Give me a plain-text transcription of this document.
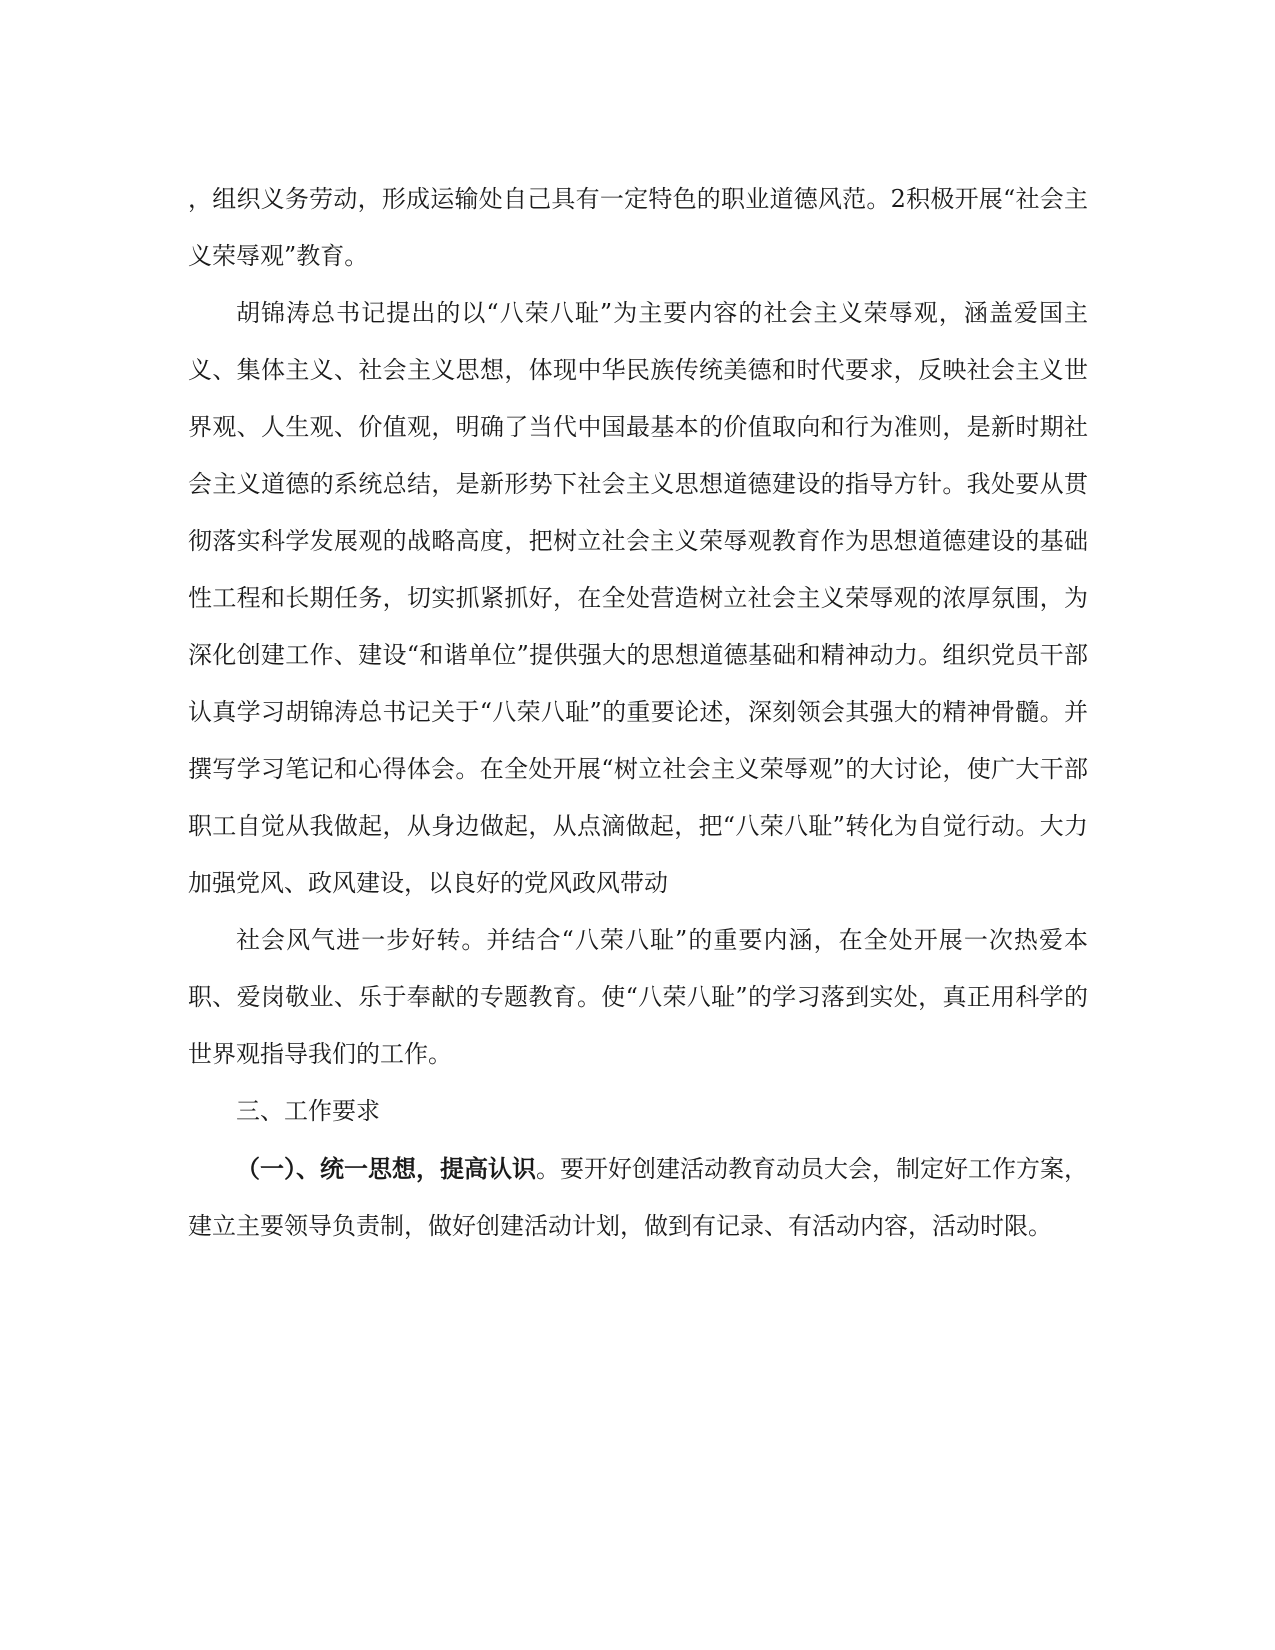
，组织义务劳动，形成运输处自己具有一定特色的职业道德风范。2积极开展“社会主义荣辱观”教育。

胡锦涛总书记提出的以“八荣八耻”为主要内容的社会主义荣辱观，涵盖爱国主义、集体主义、社会主义思想，体现中华民族传统美德和时代要求，反映社会主义世界观、人生观、价值观，明确了当代中国最基本的价值取向和行为准则，是新时期社会主义道德的系统总结，是新形势下社会主义思想道德建设的指导方针。我处要从贯彻落实科学发展观的战略高度，把树立社会主义荣辱观教育作为思想道德建设的基础性工程和长期任务，切实抓紧抓好，在全处营造树立社会主义荣辱观的浓厚氛围，为深化创建工作、建设“和谐单位”提供强大的思想道德基础和精神动力。组织党员干部认真学习胡锦涛总书记关于“八荣八耻”的重要论述，深刻领会其强大的精神骨髓。并撰写学习笔记和心得体会。在全处开展“树立社会主义荣辱观”的大讨论，使广大干部职工自觉从我做起，从身边做起，从点滴做起，把“八荣八耻”转化为自觉行动。大力加强党风、政风建设，以良好的党风政风带动

社会风气进一步好转。并结合“八荣八耻”的重要内涵，在全处开展一次热爱本职、爱岗敬业、乐于奉献的专题教育。使“八荣八耻”的学习落到实处，真正用科学的世界观指导我们的工作。

三、工作要求

（一）、统一思想，提高认识。要开好创建活动教育动员大会，制定好工作方案，建立主要领导负责制，做好创建活动计划，做到有记录、有活动内容，活动时限。
